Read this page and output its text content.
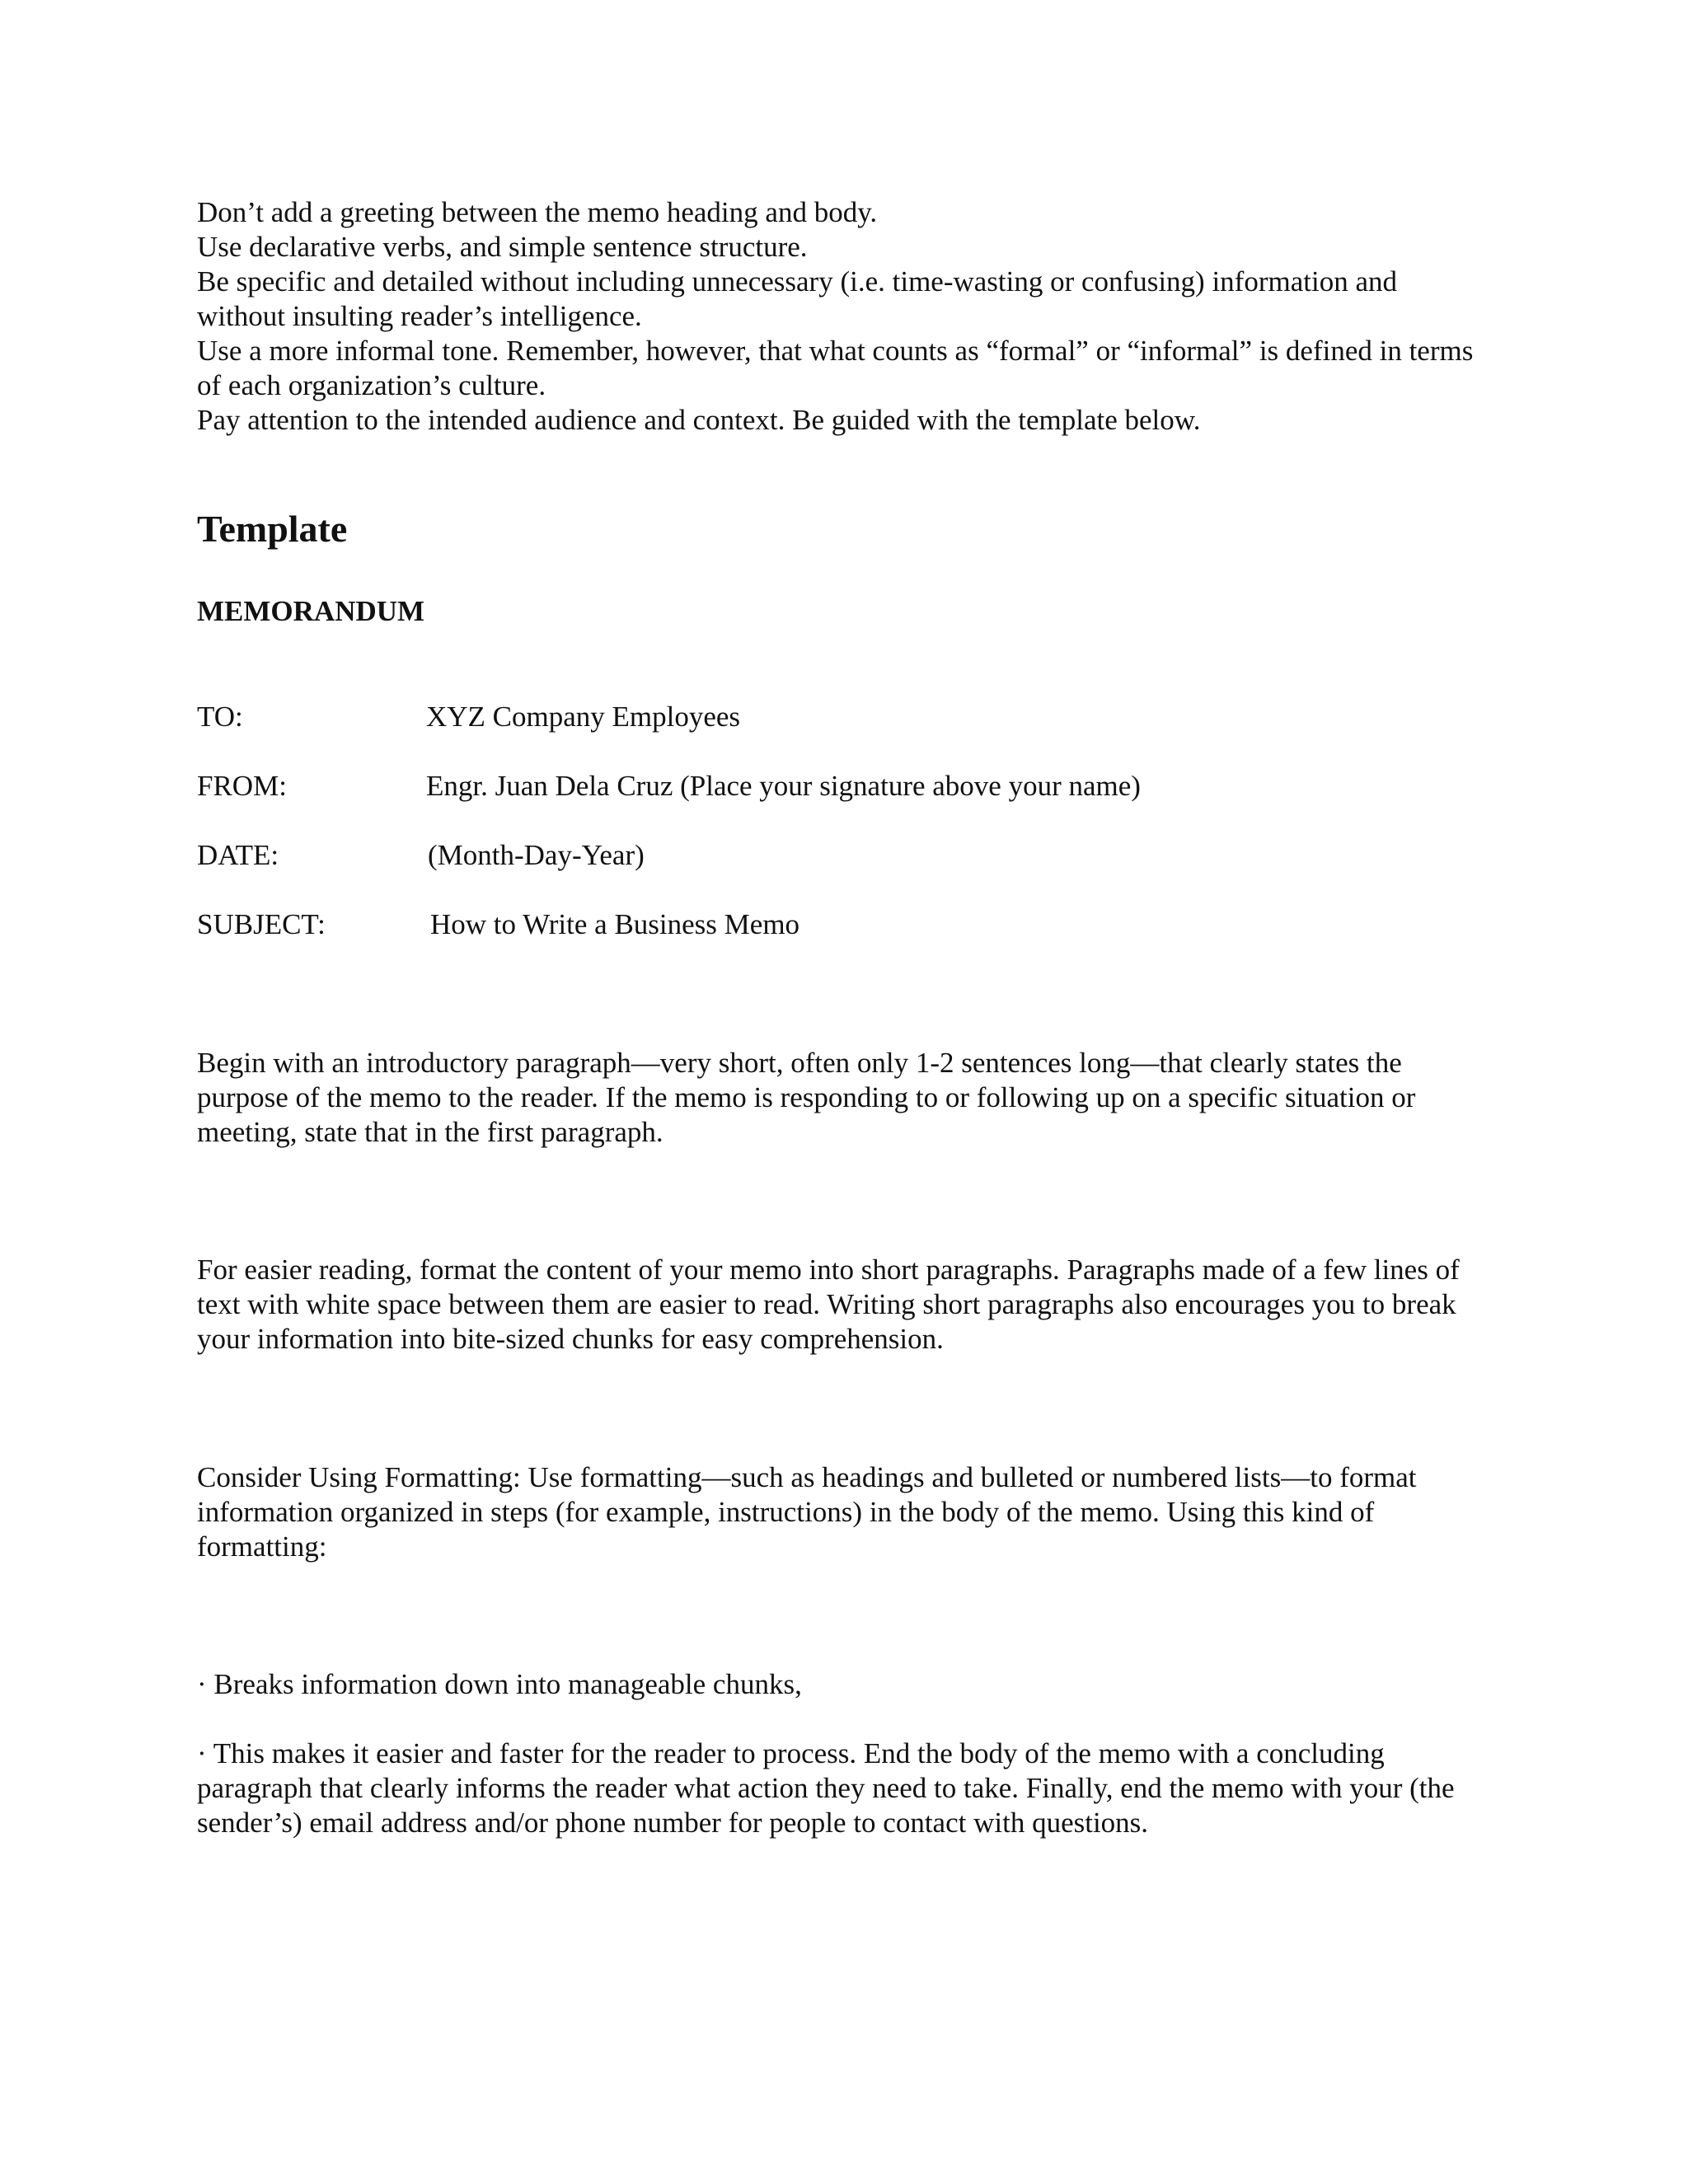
Don’t add a greeting between the memo heading and body.

Use declarative verbs, and simple sentence structure.

Be specific and detailed without including unnecessary (i.e. time-wasting or confusing) information and without insulting reader’s intelligence.

Use a more informal tone. Remember, however, that what counts as “formal” or “informal” is defined in terms of each organization’s culture.

Pay attention to the intended audience and context. Be guided with the template below.

Template
MEMORANDUM
TO:	XYZ Company Employees
FROM:	Engr. Juan Dela Cruz (Place your signature above your name)
DATE:	(Month-Day-Year)
SUBJECT:	How to Write a Business Memo

Begin with an introductory paragraph—very short, often only 1-2 sentences long—that clearly states the purpose of the memo to the reader. If the memo is responding to or following up on a specific situation or meeting, state that in the first paragraph.

For easier reading, format the content of your memo into short paragraphs. Paragraphs made of a few lines of text with white space between them are easier to read. Writing short paragraphs also encourages you to break your information into bite-sized chunks for easy comprehension.

Consider Using Formatting: Use formatting—such as headings and bulleted or numbered lists—to format information organized in steps (for example, instructions) in the body of the memo. Using this kind of formatting:

· Breaks information down into manageable chunks,

· This makes it easier and faster for the reader to process. End the body of the memo with a concluding paragraph that clearly informs the reader what action they need to take. Finally, end the memo with your (the sender’s) email address and/or phone number for people to contact with questions.
